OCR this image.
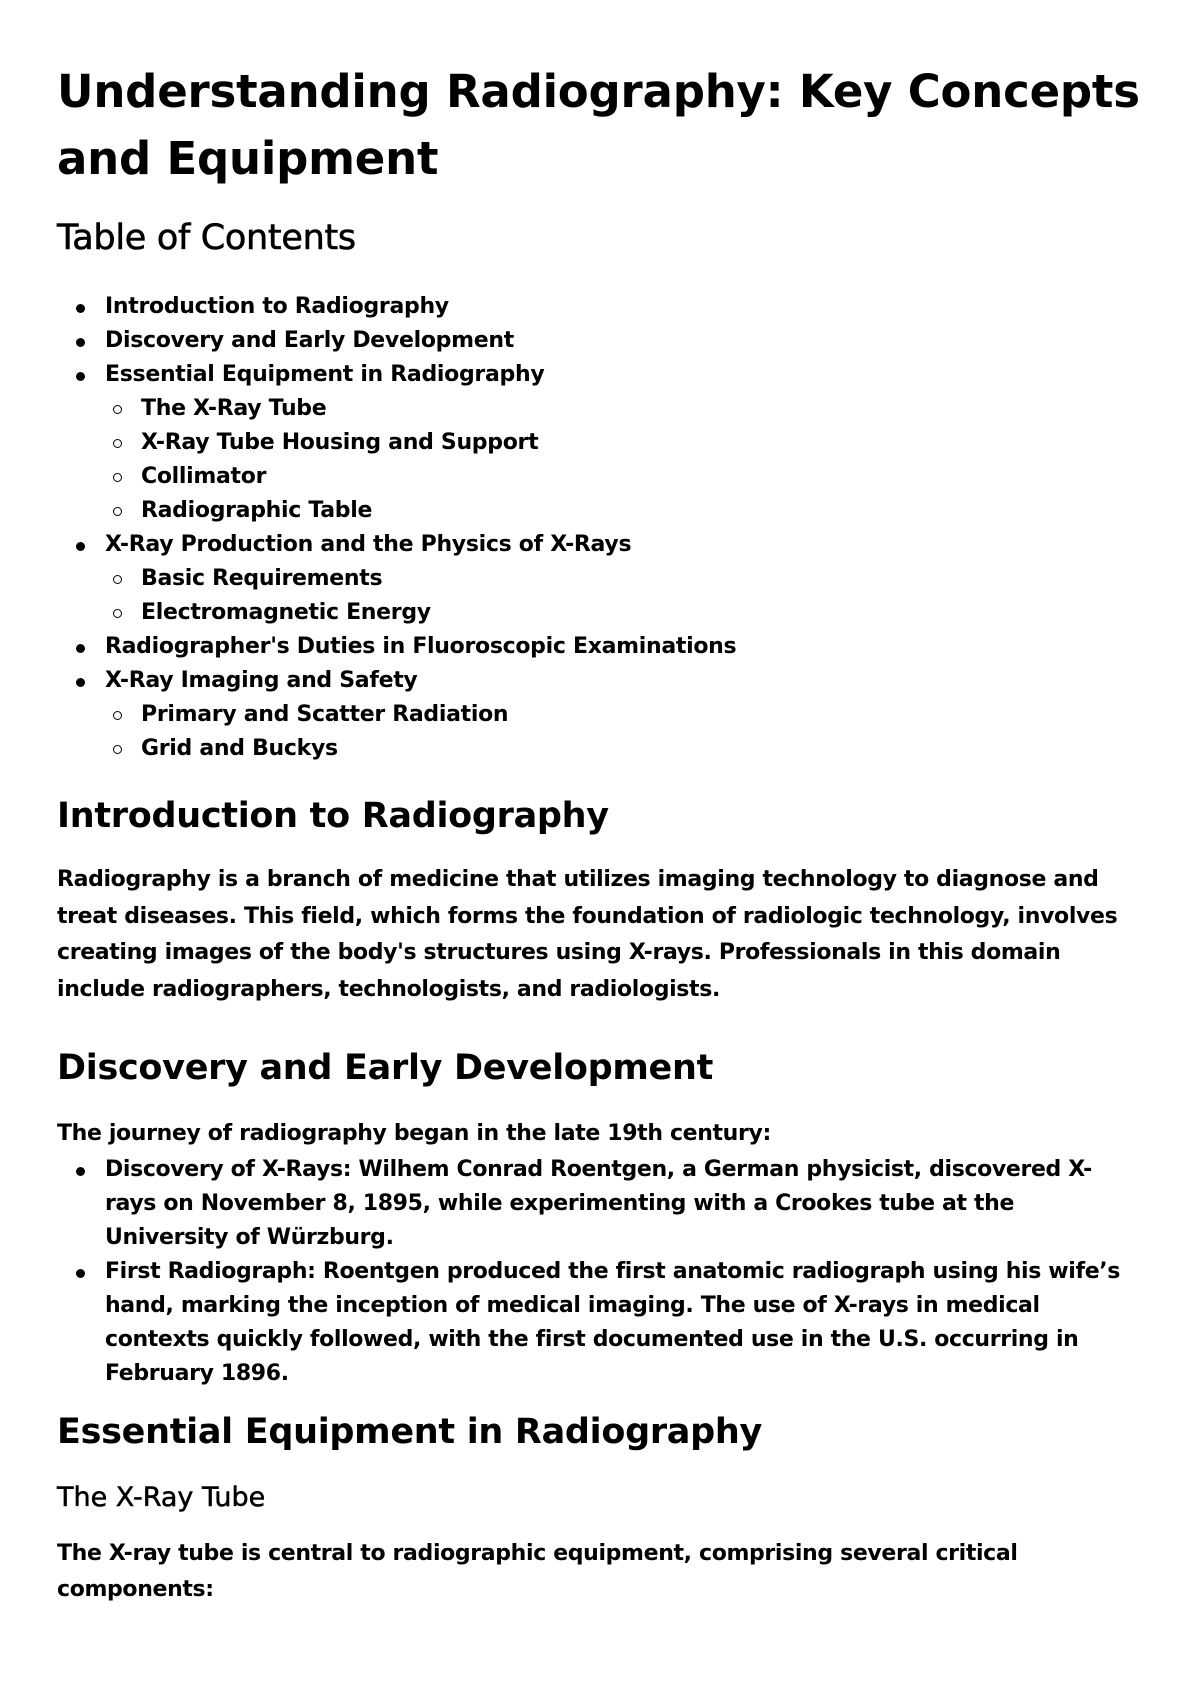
Understanding Radiography: Key Concepts and Equipment
Table of Contents
Introduction to Radiography
Discovery and Early Development
Essential Equipment in Radiography
The X-Ray Tube
X-Ray Tube Housing and Support
Collimator
Radiographic Table
X-Ray Production and the Physics of X-Rays
Basic Requirements
Electromagnetic Energy
Radiographer's Duties in Fluoroscopic Examinations
X-Ray Imaging and Safety
Primary and Scatter Radiation
Grid and Buckys
Introduction to Radiography

Radiography is a branch of medicine that utilizes imaging technology to diagnose and treat diseases. This field, which forms the foundation of radiologic technology, involves creating images of the body's structures using X-rays. Professionals in this domain include radiographers, technologists, and radiologists.

Discovery and Early Development

The journey of radiography began in the late 19th century:

Discovery of X-Rays: Wilhem Conrad Roentgen, a German physicist, discovered X-rays on November 8, 1895, while experimenting with a Crookes tube at the University of Würzburg.
First Radiograph: Roentgen produced the first anatomic radiograph using his wife’s hand, marking the inception of medical imaging. The use of X-rays in medical contexts quickly followed, with the first documented use in the U.S. occurring in February 1896.
Essential Equipment in Radiography
The X-Ray Tube

The X-ray tube is central to radiographic equipment, comprising several critical components:
